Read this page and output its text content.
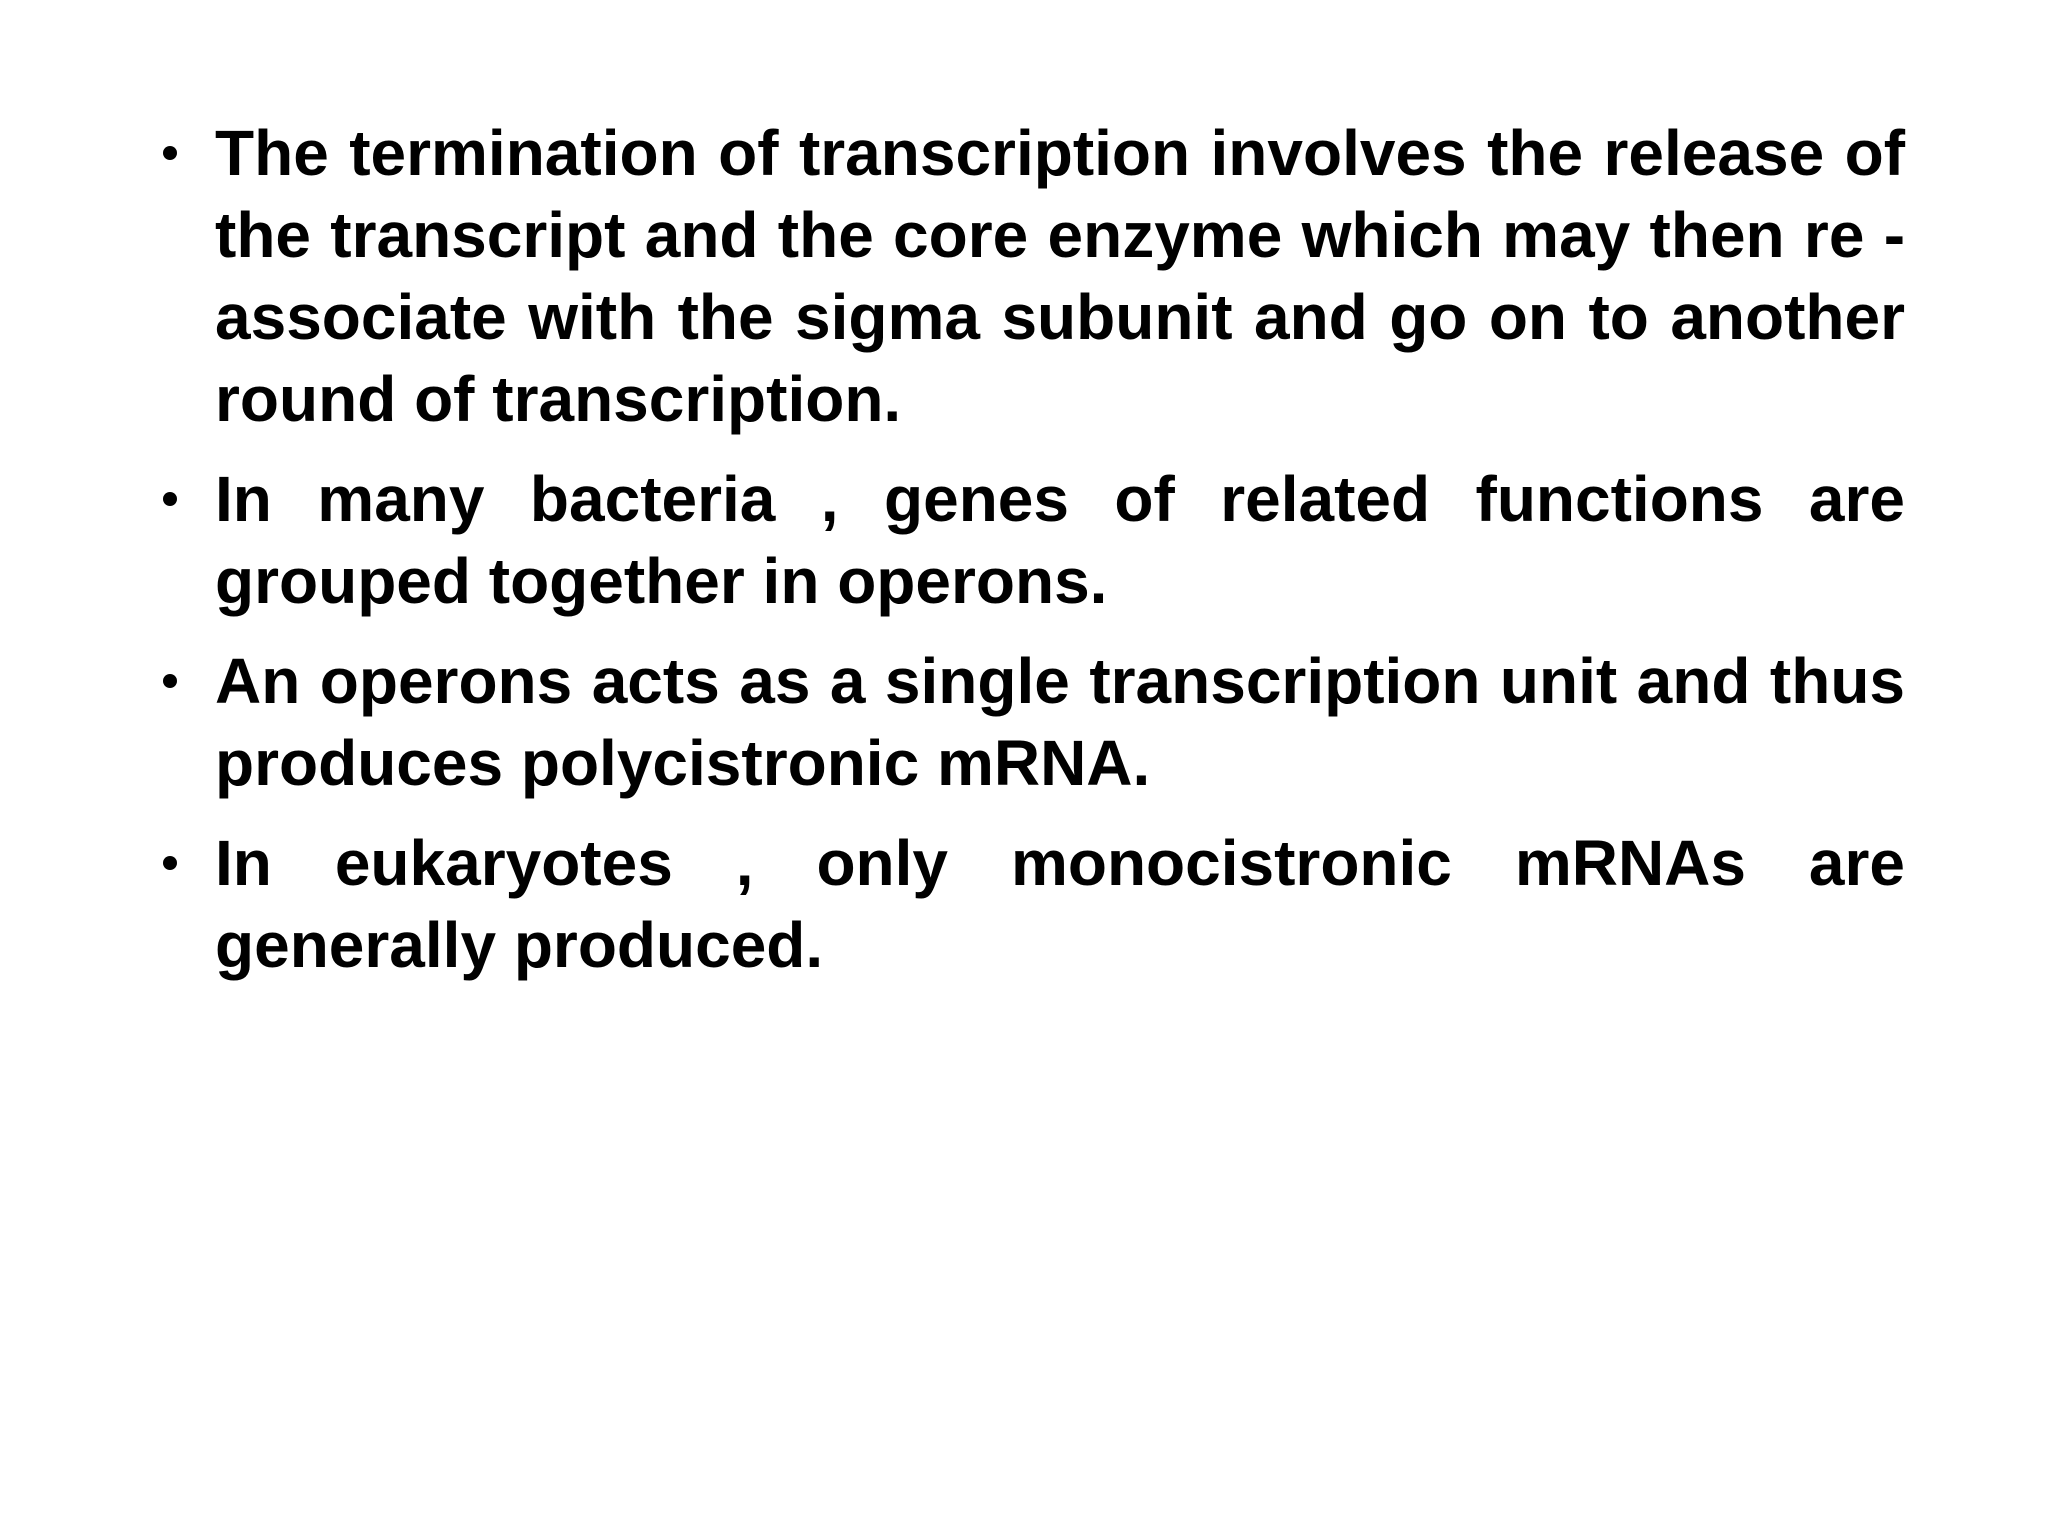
The termination of transcription involves the release of the transcript and the core enzyme which may then re - associate with the sigma subunit and go on to another round of transcription.
In many bacteria , genes of related functions are grouped together in operons.
An operons acts as a single transcription unit and thus produces polycistronic mRNA.
In eukaryotes , only monocistronic mRNAs are generally produced.
